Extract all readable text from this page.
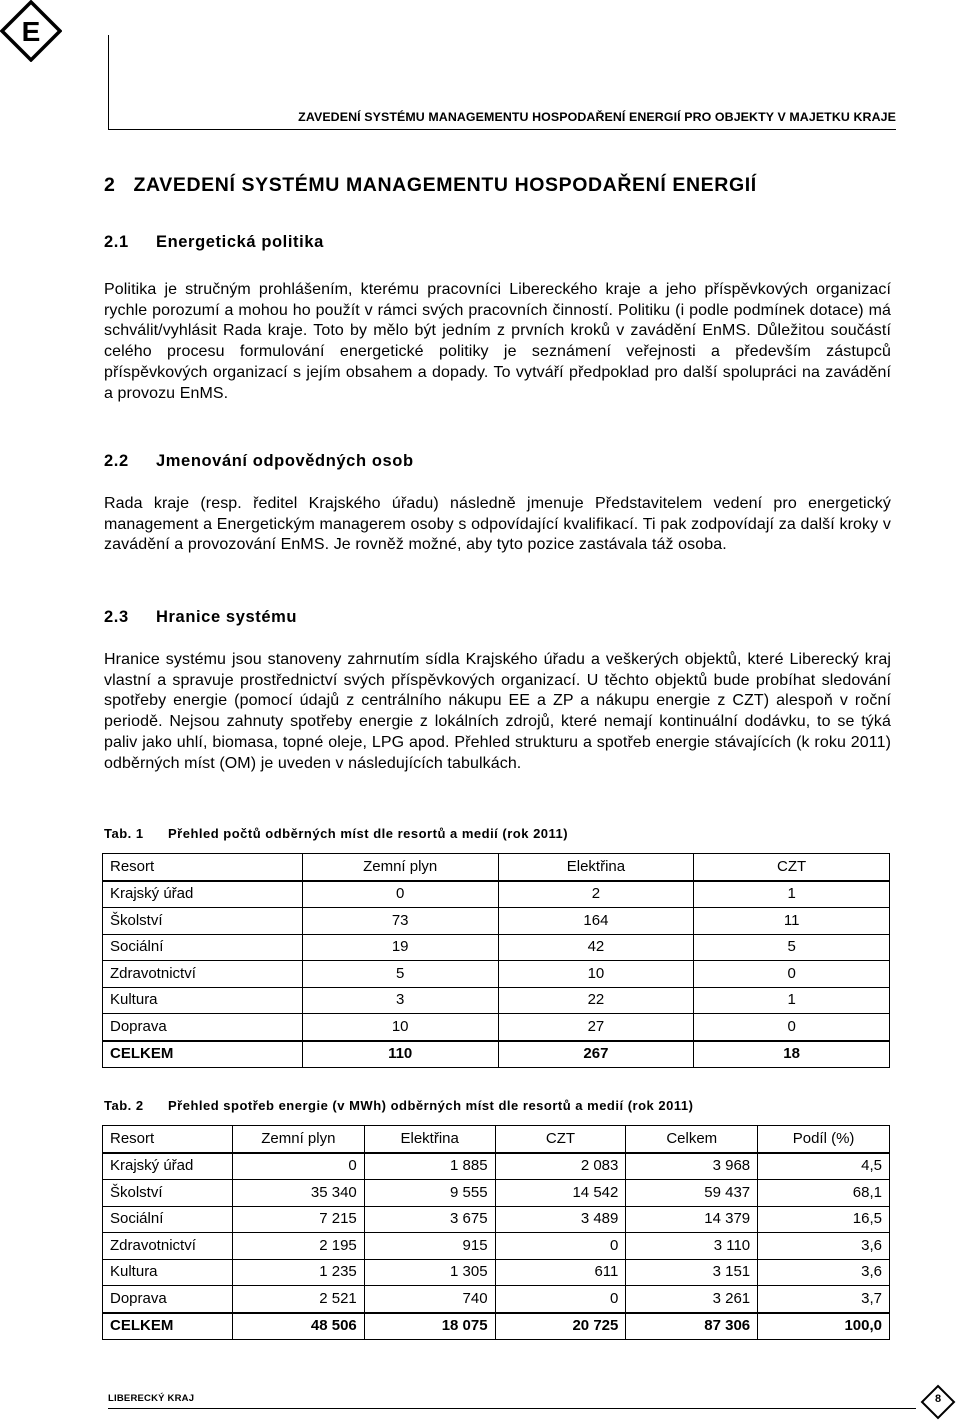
E
ZAVEDENÍ SYSTÉMU MANAGEMENTU HOSPODAŘENÍ ENERGIÍ PRO OBJEKTY V MAJETKU KRAJE
2 ZAVEDENÍ SYSTÉMU MANAGEMENTU HOSPODAŘENÍ ENERGIÍ
2.1 Energetická politika
Politika je stručným prohlášením, kterému pracovníci Libereckého kraje a jeho příspěvkových organizací rychle porozumí a mohou ho použít v rámci svých pracovních činností. Politiku (i podle podmínek dotace) má schválit/vyhlásit Rada kraje. Toto by mělo být jedním z prvních kroků v zavádění EnMS. Důležitou součástí celého procesu formulování energetické politiky je seznámení veřejnosti a především zástupců příspěvkových organizací s jejím obsahem a dopady. To vytváří předpoklad pro další spolupráci na zavádění a provozu EnMS.
2.2 Jmenování odpovědných osob
Rada kraje (resp. ředitel Krajského úřadu) následně jmenuje Představitelem vedení pro energetický management a Energetickým managerem osoby s odpovídající kvalifikací. Ti pak zodpovídají za další kroky v zavádění a provozování EnMS. Je rovněž možné, aby tyto pozice zastávala táž osoba.
2.3 Hranice systému
Hranice systému jsou stanoveny zahrnutím sídla Krajského úřadu a veškerých objektů, které Liberecký kraj vlastní a spravuje prostřednictví svých příspěvkových organizací. U těchto objektů bude probíhat sledování spotřeby energie (pomocí údajů z centrálního nákupu EE a ZP a nákupu energie z CZT) alespoň v roční periodě. Nejsou zahnuty spotřeby energie z lokálních zdrojů, které nemají kontinuální dodávku, to se týká paliv jako uhlí, biomasa, topné oleje, LPG apod. Přehled strukturu a spotřeb energie stávajících (k roku 2011) odběrných míst (OM) je uveden v následujících tabulkách.
Tab. 1 Přehled počtů odběrných míst dle resortů a medií (rok 2011)
Resort	Zemní plyn	Elektřina	CZT
Krajský úřad	0	2	1
Školství	73	164	11
Sociální	19	42	5
Zdravotnictví	5	10	0
Kultura	3	22	1
Doprava	10	27	0
CELKEM	110	267	18
Tab. 2 Přehled spotřeb energie (v MWh) odběrných míst dle resortů a medií (rok 2011)
Resort	Zemní plyn	Elektřina	CZT	Celkem	Podíl (%)
Krajský úřad	0	1 885	2 083	3 968	4,5
Školství	35 340	9 555	14 542	59 437	68,1
Sociální	7 215	3 675	3 489	14 379	16,5
Zdravotnictví	2 195	915	0	3 110	3,6
Kultura	1 235	1 305	611	3 151	3,6
Doprava	2 521	740	0	3 261	3,7
CELKEM	48 506	18 075	20 725	87 306	100,0
LIBERECKÝ KRAJ	8
